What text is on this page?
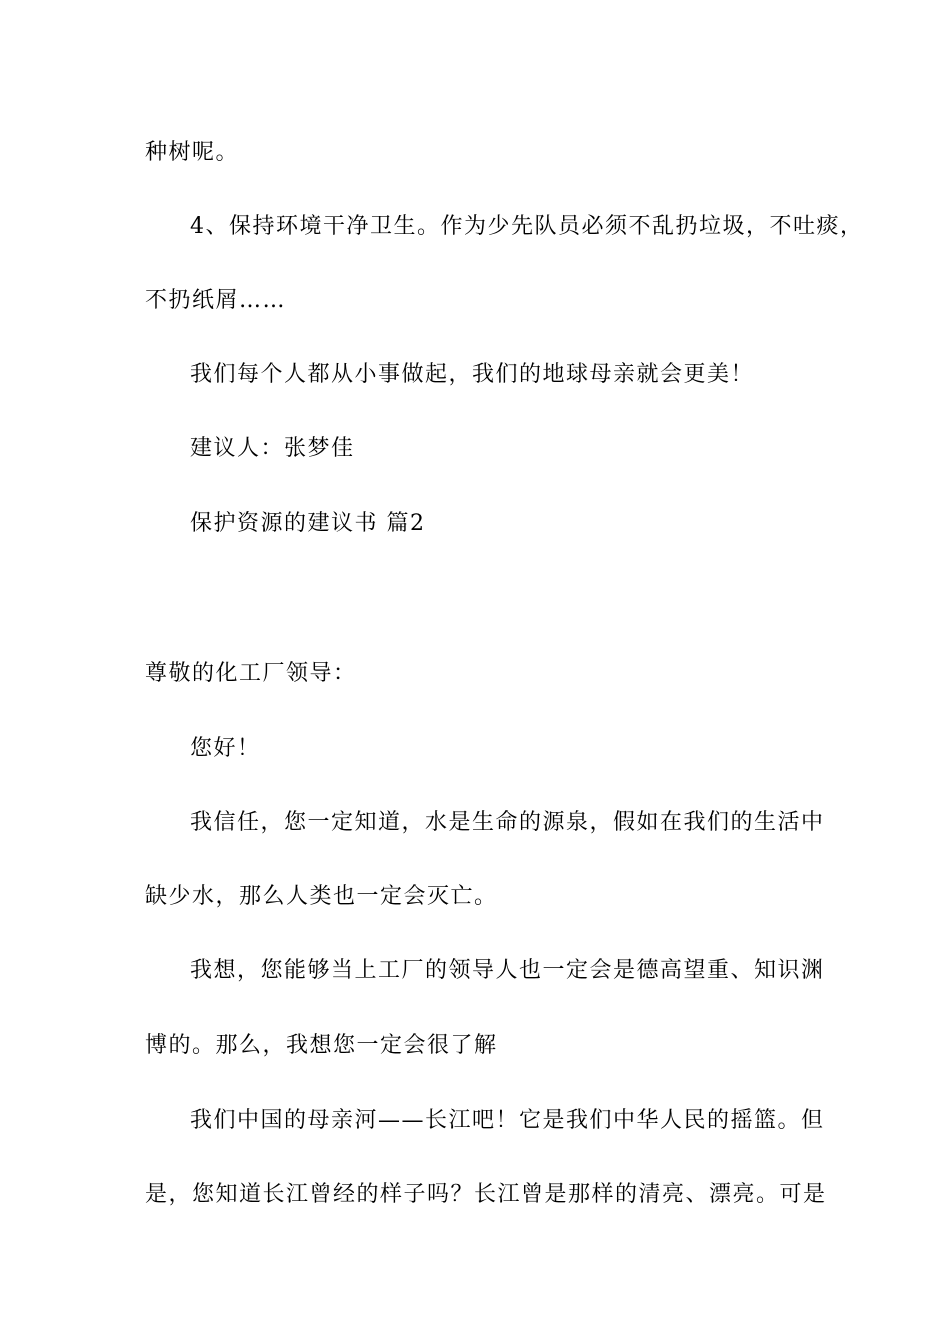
种树呢。
4、保持环境干净卫生。作为少先队员必须不乱扔垃圾，不吐痰，
不扔纸屑……
我们每个人都从小事做起，我们的地球母亲就会更美！
建议人：张梦佳
保护资源的建议书 篇2
尊敬的化工厂领导：
您好！
我信任，您一定知道，水是生命的源泉，假如在我们的生活中
缺少水，那么人类也一定会灭亡。
我想，您能够当上工厂的领导人也一定会是德高望重、知识渊
博的。那么，我想您一定会很了解
我们中国的母亲河——长江吧！它是我们中华人民的摇篮。但
是，您知道长江曾经的样子吗？长江曾是那样的清亮、漂亮。可是
